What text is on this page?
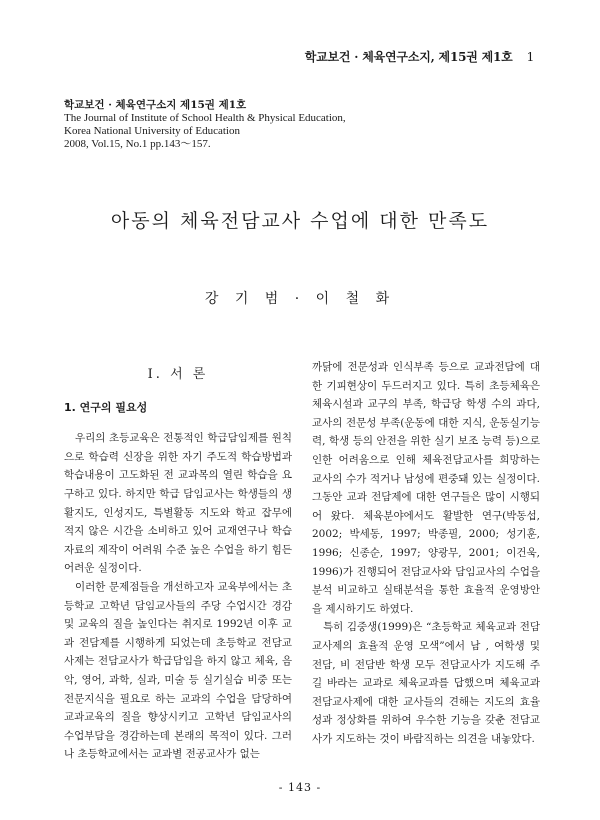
학교보건 · 체육연구소지, 제15권 제1호 1
학교보건 · 체육연구소지 제15권 제1호
The Journal of Institute of School Health & Physical Education,
Korea National University of Education
2008, Vol.15, No.1 pp.143～157.
아동의 체육전담교사 수업에 대한 만족도
강 기 범 · 이 철 화
I. 서 론
1. 연구의 필요성

우리의 초등교육은 전통적인 학급담임제를 원칙으로 학습력 신장을 위한 자기 주도적 학습방법과 학습내용이 고도화된 전 교과목의 열린 학습을 요구하고 있다. 하지만 학급 담임교사는 학생들의 생활지도, 인성지도, 특별활동 지도와 학교 잡무에 적지 않은 시간을 소비하고 있어 교재연구나 학습자료의 제작이 어려워 수준 높은 수업을 하기 힘든 어려운 실정이다.

이러한 문제점들을 개선하고자 교육부에서는 초등학교 고학년 담임교사들의 주당 수업시간 경감 및 교육의 질을 높인다는 취지로 1992년 이후 교과 전담제를 시행하게 되었는데 초등학교 전담교사제는 전담교사가 학급담임을 하지 않고 체육, 음악, 영어, 과학, 실과, 미술 등 실기실습 비중 또는 전문지식을 필요로 하는 교과의 수업을 담당하여 교과교육의 질을 향상시키고 고학년 담임교사의 수업부담을 경감하는데 본래의 목적이 있다. 그러나 초등학교에서는 교과별 전공교사가 없는

까닭에 전문성과 인식부족 등으로 교과전담에 대한 기피현상이 두드러지고 있다. 특히 초등체육은 체육시설과 교구의 부족, 학급당 학생 수의 과다, 교사의 전문성 부족(운동에 대한 지식, 운동실기능력, 학생 등의 안전을 위한 실기 보조 능력 등)으로 인한 어려움으로 인해 체육전담교사를 희망하는 교사의 수가 적거나 남성에 편중돼 있는 실정이다. 그동안 교과 전담제에 대한 연구들은 많이 시행되어 왔다. 체육분야에서도 활발한 연구(박동섭, 2002; 박세동, 1997; 박종필, 2000; 성기훈, 1996; 신종순, 1997; 양광무, 2001; 이건욱, 1996)가 진행되어 전담교사와 담임교사의 수업을 분석 비교하고 실태분석을 통한 효율적 운영방안을 제시하기도 하였다.

특히 김중생(1999)은 “초등학교 체육교과 전담교사제의 효율적 운영 모색”에서 남 , 여학생 및 전담, 비 전담반 학생 모두 전담교사가 지도해 주길 바라는 교과로 체육교과를 답했으며 체육교과 전담교사제에 대한 교사들의 견해는 지도의 효율성과 정상화를 위하여 우수한 기능을 갖춘 전담교사가 지도하는 것이 바람직하는 의견을 내놓았다.

- 143 -
